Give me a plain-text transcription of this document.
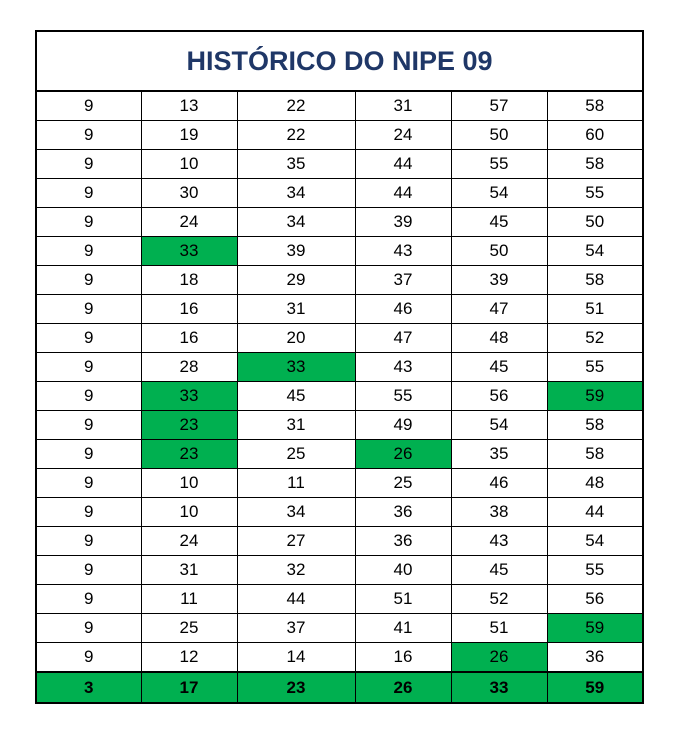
HISTÓRICO DO NIPE 09					
9	13	22	31	57	58
9	19	22	24	50	60
9	10	35	44	55	58
9	30	34	44	54	55
9	24	34	39	45	50
9	33	39	43	50	54
9	18	29	37	39	58
9	16	31	46	47	51
9	16	20	47	48	52
9	28	33	43	45	55
9	33	45	55	56	59
9	23	31	49	54	58
9	23	25	26	35	58
9	10	11	25	46	48
9	10	34	36	38	44
9	24	27	36	43	54
9	31	32	40	45	55
9	11	44	51	52	56
9	25	37	41	51	59
9	12	14	16	26	36
3	17	23	26	33	59
